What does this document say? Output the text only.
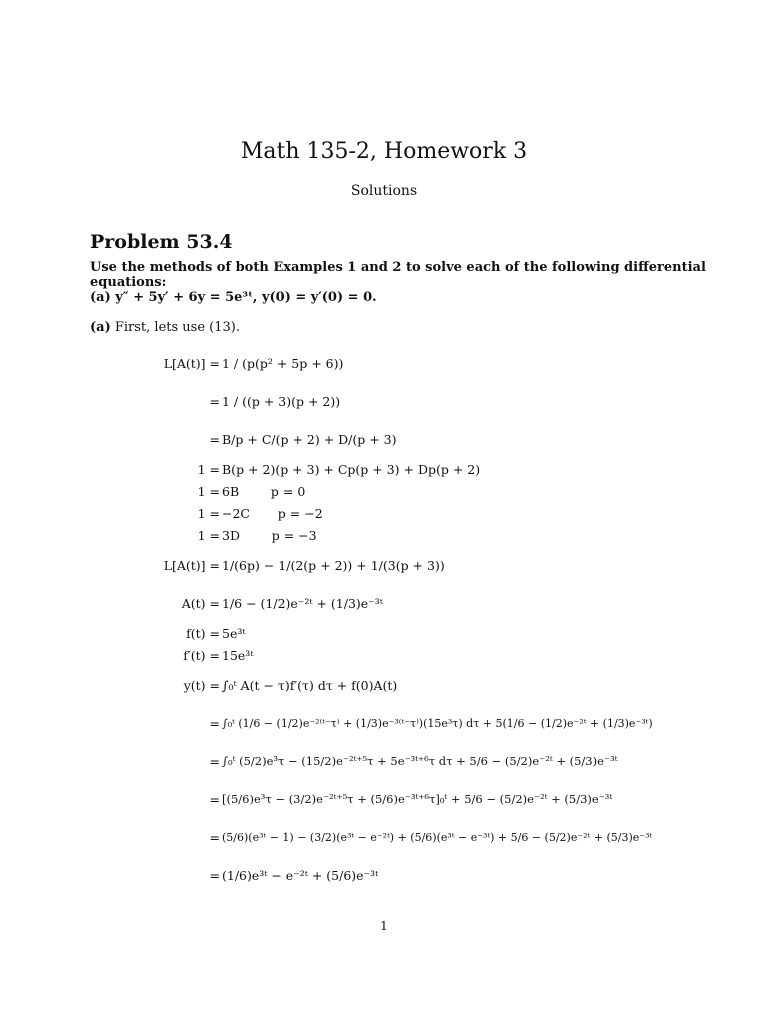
Math 135-2, Homework 3
Solutions
Problem 53.4
Use the methods of both Examples 1 and 2 to solve each of the following differential equations:
(a) y″ + 5y′ + 6y = 5e³ᵗ, y(0) = y′(0) = 0.
(a) First, lets use (13).
L[A(t)] = 1 / (p(p² + 5p + 6))
= 1 / ((p + 3)(p + 2))
= B/p + C/(p + 2) + D/(p + 3)
1 = B(p + 2)(p + 3) + Cp(p + 3) + Dp(p + 2)
1 = 6B        p = 0
1 = −2C       p = −2
1 = 3D        p = −3
L[A(t)] = 1/(6p) − 1/(2(p + 2)) + 1/(3(p + 3))
A(t) = 1/6 − (1/2)e⁻²ᵗ + (1/3)e⁻³ᵗ
f(t) = 5e³ᵗ
f′(t) = 15e³ᵗ
y(t) = ∫₀ᵗ A(t − τ)f′(τ) dτ + f(0)A(t)
= ∫₀ᵗ (1/6 − (1/2)e⁻²⁽ᵗ⁻τ⁾ + (1/3)e⁻³⁽ᵗ⁻τ⁾)(15e³τ) dτ + 5(1/6 − (1/2)e⁻²ᵗ + (1/3)e⁻³ᵗ)
= ∫₀ᵗ (5/2)e³τ − (15/2)e⁻²ᵗ⁺⁵τ + 5e⁻³ᵗ⁺⁶τ dτ + 5/6 − (5/2)e⁻²ᵗ + (5/3)e⁻³ᵗ
= [(5/6)e³τ − (3/2)e⁻²ᵗ⁺⁵τ + (5/6)e⁻³ᵗ⁺⁶τ]₀ᵗ + 5/6 − (5/2)e⁻²ᵗ + (5/3)e⁻³ᵗ
= (5/6)(e³ᵗ − 1) − (3/2)(e³ᵗ − e⁻²ᵗ) + (5/6)(e³ᵗ − e⁻³ᵗ) + 5/6 − (5/2)e⁻²ᵗ + (5/3)e⁻³ᵗ
= (1/6)e³ᵗ − e⁻²ᵗ + (5/6)e⁻³ᵗ
1
